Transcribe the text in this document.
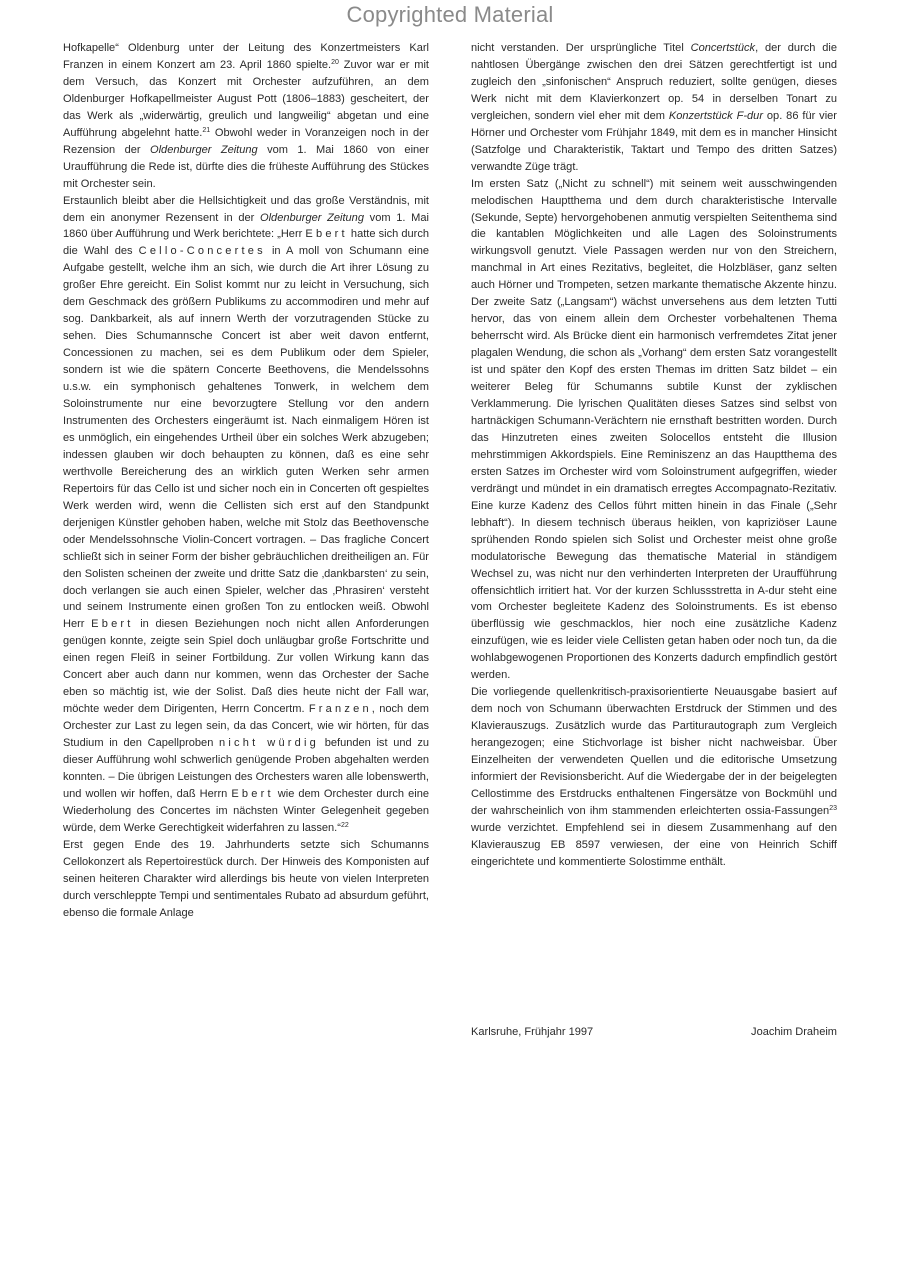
Copyrighted Material

Hofkapelle“ Oldenburg unter der Leitung des Konzertmeisters Karl Franzen in einem Konzert am 23. April 1860 spielte.$^{20}$ Zuvor war er mit dem Versuch, das Konzert mit Orchester aufzuführen, an dem Oldenburger Hofkapellmeister August Pott (1806–1883) gescheitert, der das Werk als „widerwärtig, greulich und langweilig“ abgetan und eine Aufführung abgelehnt hatte.$^{21}$ Obwohl weder in Voranzeigen noch in der Rezension der Oldenburger Zeitung vom 1. Mai 1860 von einer Uraufführung die Rede ist, dürfte dies die früheste Aufführung des Stückes mit Orchester sein.

Erstaunlich bleibt aber die Hellsichtigkeit und das große Verständnis, mit dem ein anonymer Rezensent in der Oldenburger Zeitung vom 1. Mai 1860 über Aufführung und Werk berichtete: „Herr Ebert hatte sich durch die Wahl des Cello-Concertes in A moll von Schumann eine Aufgabe gestellt, welche ihm an sich, wie durch die Art ihrer Lösung zu großer Ehre gereicht. Ein Solist kommt nur zu leicht in Versuchung, sich dem Geschmack des größern Publikums zu accommodiren und mehr auf sog. Dankbarkeit, als auf innern Werth der vorzutragenden Stücke zu sehen. Dies Schumannsche Concert ist aber weit davon entfernt, Concessionen zu machen, sei es dem Publikum oder dem Spieler, sondern ist wie die spätern Concerte Beethovens, die Mendelssohns u.s.w. ein symphonisch gehaltenes Tonwerk, in welchem dem Soloinstrumente nur eine bevorzugtere Stellung vor den andern Instrumenten des Orchesters eingeräumt ist. Nach einmaligem Hören ist es unmöglich, ein eingehendes Urtheil über ein solches Werk abzugeben; indessen glauben wir doch behaupten zu können, daß es eine sehr werthvolle Bereicherung des an wirklich guten Werken sehr armen Repertoirs für das Cello ist und sicher noch ein in Concerten oft gespieltes Werk werden wird, wenn die Cellisten sich erst auf den Standpunkt derjenigen Künstler gehoben haben, welche mit Stolz das Beethovensche oder Mendelssohnsche Violin-Concert vortragen. – Das fragliche Concert schließt sich in seiner Form der bisher gebräuchlichen dreitheiligen an. Für den Solisten scheinen der zweite und dritte Satz die ‚dankbarsten‘ zu sein, doch verlangen sie auch einen Spieler, welcher das ‚Phrasiren‘ versteht und seinem Instrumente einen großen Ton zu entlocken weiß. Obwohl Herr Ebert in diesen Beziehungen noch nicht allen Anforderungen genügen konnte, zeigte sein Spiel doch unläugbar große Fortschritte und einen regen Fleiß in seiner Fortbildung. Zur vollen Wirkung kann das Concert aber auch dann nur kommen, wenn das Orchester der Sache eben so mächtig ist, wie der Solist. Daß dies heute nicht der Fall war, möchte weder dem Dirigenten, Herrn Concertm. Franzen, noch dem Orchester zur Last zu legen sein, da das Concert, wie wir hörten, für das Studium in den Capellproben nicht würdig befunden ist und zu dieser Aufführung wohl schwerlich genügende Proben abgehalten werden konnten. – Die übrigen Leistungen des Orchesters waren alle lobenswerth, und wollen wir hoffen, daß Herrn Ebert wie dem Orchester durch eine Wiederholung des Concertes im nächsten Winter Gelegenheit gegeben würde, dem Werke Gerechtigkeit widerfahren zu lassen.“$^{22}$

Erst gegen Ende des 19. Jahrhunderts setzte sich Schumanns Cellokonzert als Repertoirestück durch. Der Hinweis des Komponisten auf seinen heiteren Charakter wird allerdings bis heute von vielen Interpreten durch verschleppte Tempi und sentimentales Rubato ad absurdum geführt, ebenso die formale Anlage

nicht verstanden. Der ursprüngliche Titel Concertstück, der durch die nahtlosen Übergänge zwischen den drei Sätzen gerechtfertigt ist und zugleich den „sinfonischen“ Anspruch reduziert, sollte genügen, dieses Werk nicht mit dem Klavierkonzert op. 54 in derselben Tonart zu vergleichen, sondern viel eher mit dem Konzertstück F-dur op. 86 für vier Hörner und Orchester vom Frühjahr 1849, mit dem es in mancher Hinsicht (Satzfolge und Charakteristik, Taktart und Tempo des dritten Satzes) verwandte Züge trägt.

Im ersten Satz („Nicht zu schnell“) mit seinem weit ausschwingenden melodischen Hauptthema und dem durch charakteristische Intervalle (Sekunde, Septe) hervorgehobenen anmutig verspielten Seitenthema sind die kantablen Möglichkeiten und alle Lagen des Soloinstruments wirkungsvoll genutzt. Viele Passagen werden nur von den Streichern, manchmal in Art eines Rezitativs, begleitet, die Holzbläser, ganz selten auch Hörner und Trompeten, setzen markante thematische Akzente hinzu. Der zweite Satz („Langsam“) wächst unversehens aus dem letzten Tutti hervor, das von einem allein dem Orchester vorbehaltenen Thema beherrscht wird. Als Brücke dient ein harmonisch verfremdetes Zitat jener plagalen Wendung, die schon als „Vorhang“ dem ersten Satz vorangestellt ist und später den Kopf des ersten Themas im dritten Satz bildet – ein weiterer Beleg für Schumanns subtile Kunst der zyklischen Verklammerung. Die lyrischen Qualitäten dieses Satzes sind selbst von hartnäckigen Schumann-Verächtern nie ernsthaft bestritten worden. Durch das Hinzutreten eines zweiten Solocellos entsteht die Illusion mehrstimmigen Akkordspiels. Eine Reminiszenz an das Hauptthema des ersten Satzes im Orchester wird vom Soloinstrument aufgegriffen, wieder verdrängt und mündet in ein dramatisch erregtes Accompagnato-Rezitativ. Eine kurze Kadenz des Cellos führt mitten hinein in das Finale („Sehr lebhaft“). In diesem technisch überaus heiklen, von kapriziöser Laune sprühenden Rondo spielen sich Solist und Orchester meist ohne große modulatorische Bewegung das thematische Material in ständigem Wechsel zu, was nicht nur den verhinderten Interpreten der Uraufführung offensichtlich irritiert hat. Vor der kurzen Schlussstretta in A-dur steht eine vom Orchester begleitete Kadenz des Soloinstruments. Es ist ebenso überflüssig wie geschmacklos, hier noch eine zusätzliche Kadenz einzufügen, wie es leider viele Cellisten getan haben oder noch tun, da die wohlabgewogenen Proportionen des Konzerts dadurch empfindlich gestört werden.

Die vorliegende quellenkritisch-praxisorientierte Neuausgabe basiert auf dem noch von Schumann überwachten Erstdruck der Stimmen und des Klavierauszugs. Zusätzlich wurde das Partiturautograph zum Vergleich herangezogen; eine Stichvorlage ist bisher nicht nachweisbar. Über Einzelheiten der verwendeten Quellen und die editorische Umsetzung informiert der Revisionsbericht. Auf die Wiedergabe der in der beigelegten Cellostimme des Erstdrucks enthaltenen Fingersätze von Bockmühl und der wahrscheinlich von ihm stammenden erleichterten ossia-Fassungen$^{23}$ wurde verzichtet. Empfehlend sei in diesem Zusammenhang auf den Klavierauszug EB 8597 verwiesen, der eine von Heinrich Schiff eingerichtete und kommentierte Solostimme enthält.

Karlsruhe, Frühjahr 1997	Joachim Draheim
